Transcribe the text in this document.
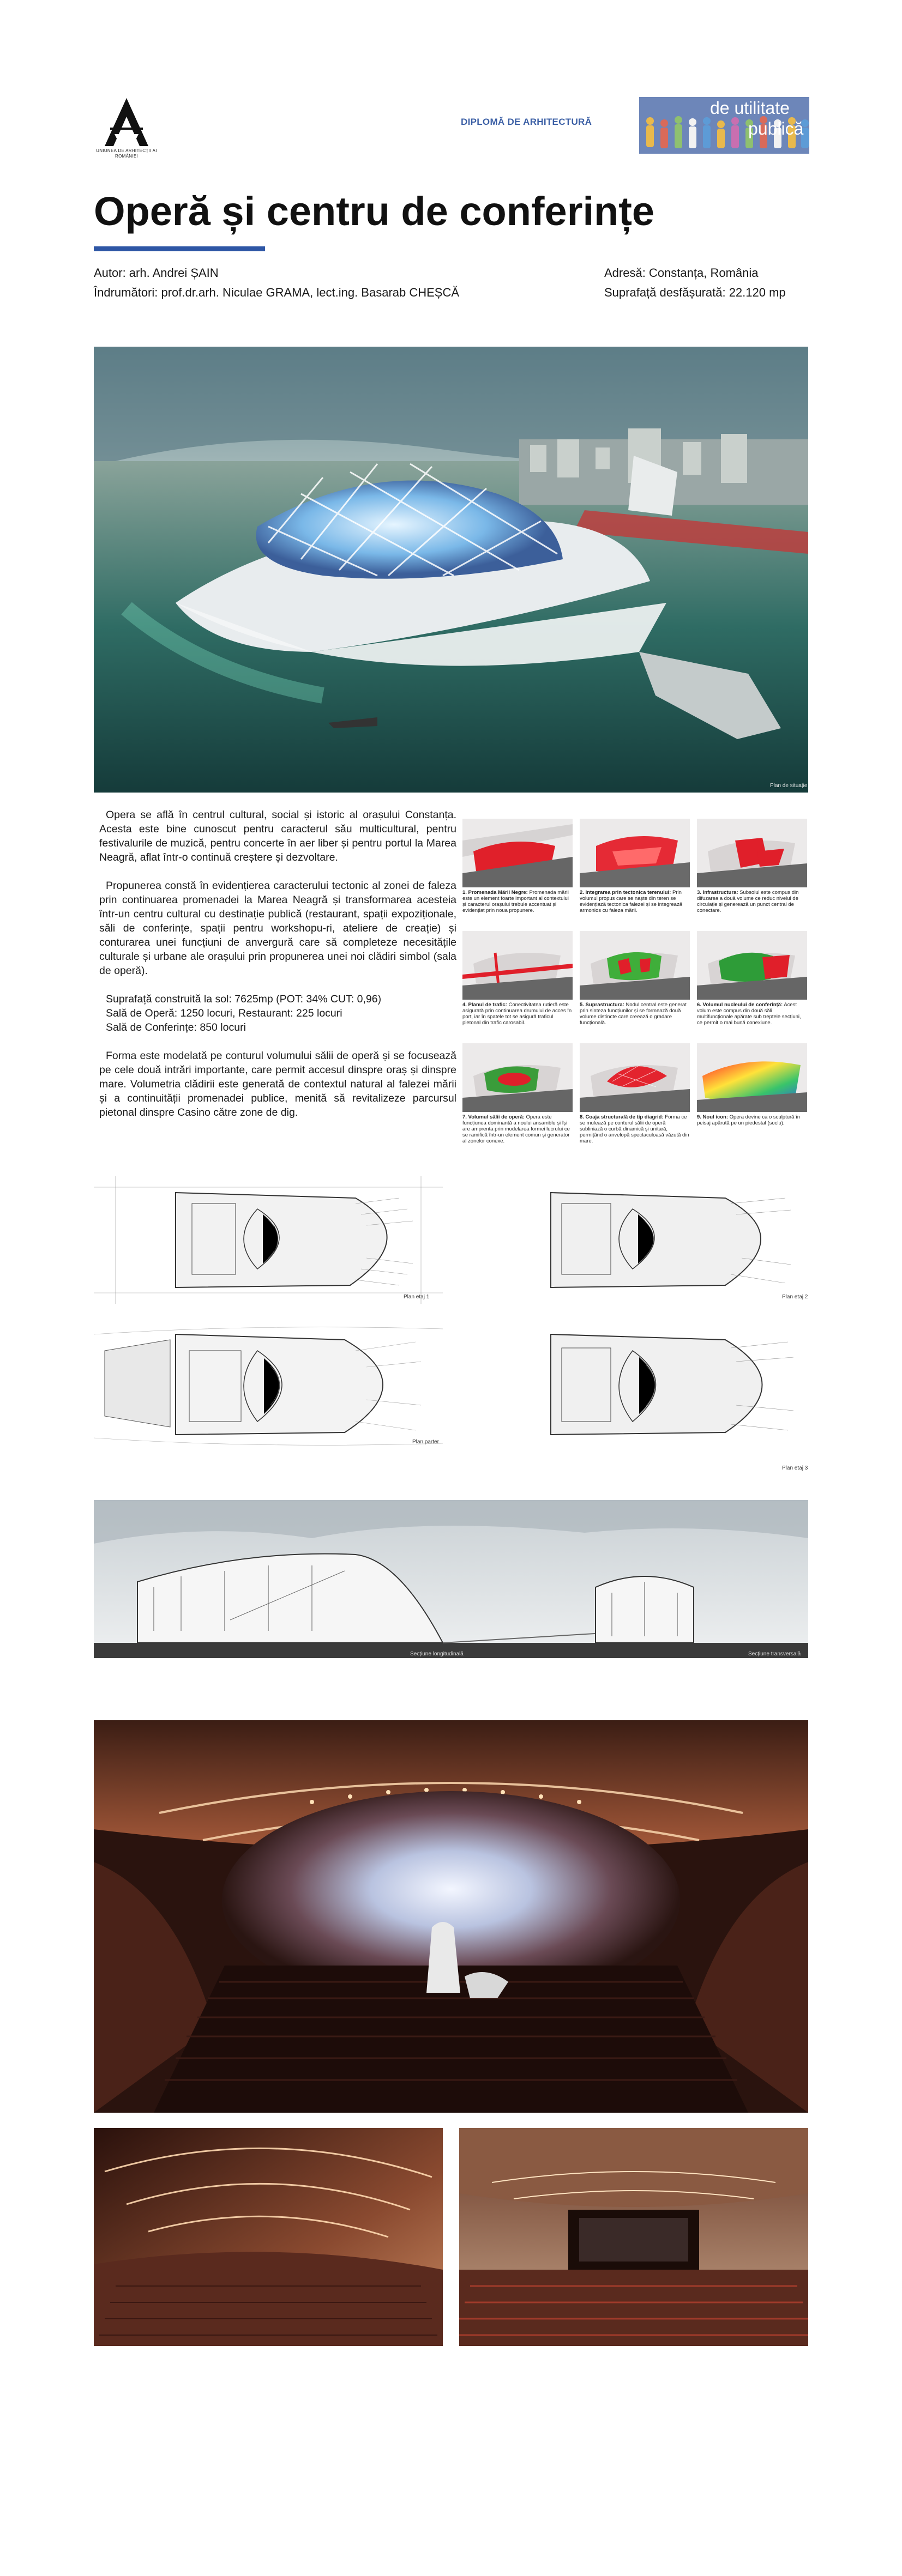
UNIUNEA DE ARHITECȚII AI ROMÂNIEI
DIPLOMĂ DE ARHITECTURĂ
de utilitate
publică
Operă și centru de conferințe
Autor: arh. Andrei ȘAIN
Îndrumători: prof.dr.arh. Niculae GRAMA, lect.ing. Basarab CHEȘCĂ
Adresă: Constanța, România
Suprafață desfășurată: 22.120 mp
Plan de situație

Opera se află în centrul cultural, social și istoric al orașului Constanța. Acesta este bine cunoscut pentru caracterul său multicultural, pentru festivalurile de muzică, pentru concerte în aer liber și pentru portul la Marea Neagră, aflat într-o continuă creștere și dezvoltare.

Propunerea constă în evidențierea caracterului tectonic al zonei de faleza prin continuarea promenadei la Marea Neagră și transformarea acesteia într-un centru cultural cu destinație publică (restaurant, spații expoziționale, săli de conferințe, spații pentru workshopu-ri, ateliere de creație) și conturarea unei funcțiuni de anvergură care să completeze necesitățile culturale și urbane ale orașului prin propunerea unei noi clădiri simbol (sala de operă).

Suprafață construită la sol: 7625mp (POT: 34% CUT: 0,96)
Sală de Operă: 1250 locuri, Restaurant: 225 locuri
Sală de Conferințe: 850 locuri

Forma este modelată pe conturul volumului sălii de operă și se focusează pe cele două intrări importante, care permit accesul dinspre oraș și dinspre mare. Volumetria clădirii este generată de contextul natural al falezei mării și a continuității promenadei publice, menită să revitalizeze parcursul pietonal dinspre Casino către zone de dig.

1. Promenada Mării Negre: Promenada mării este un element foarte important al contextului și caracterul orașului trebuie accentuat și evidențiat prin noua propunere.
2. Integrarea prin tectonica terenului: Prin volumul propus care se naște din teren se evidențiază tectonica falezei și se integrează armonios cu faleza mării.
3. Infrastructura: Subsolul este compus din difuzarea a două volume ce reduc nivelul de circulație și generează un punct central de conectare.
4. Planul de trafic: Conectivitatea rutieră este asigurată prin continuarea drumului de acces în port, iar în spatele tot se asigură traficul pietonal din trafic carosabil.
5. Suprastructura: Nodul central este generat prin sinteza funcțiunilor și se formează două volume distincte care creează o gradare funcțională.
6. Volumul nucleului de conferință: Acest volum este compus din două săli multifuncționale apărate sub treptele secțiuni, ce permit o mai bună conexiune.
7. Volumul sălii de operă: Opera este funcțiunea dominantă a noului ansamblu și își are amprenta prin modelarea formei lucrului ce se ramifică într-un element comun și generator al zonelor conexe.
8. Coaja structurală de tip diagrid: Forma ce se mulează pe conturul sălii de operă subliniază o curbă dinamică și unitară, permițând o anvelopă spectaculoasă văzută din mare.
9. Noul icon: Opera devine ca o sculptură în peisaj apărută pe un piedestal (soclu).
Plan etaj 1	Plan etaj 2
Plan parter
Plan etaj 3
Secțiune longitudinală	Secțiune transversală
